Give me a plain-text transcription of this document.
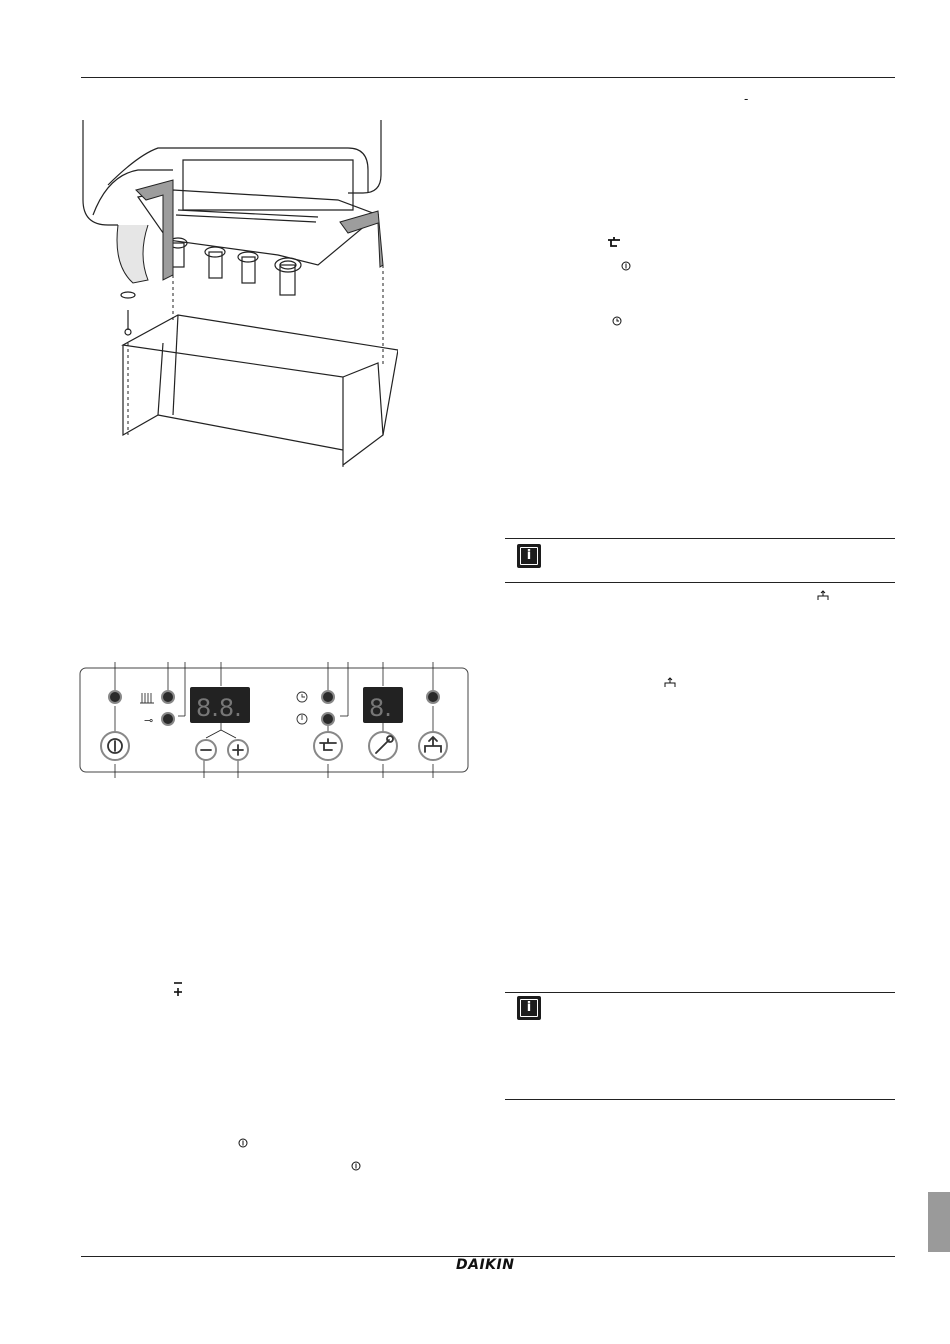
-
i
⊸ 8.8.	8.
i
DAIKIN
